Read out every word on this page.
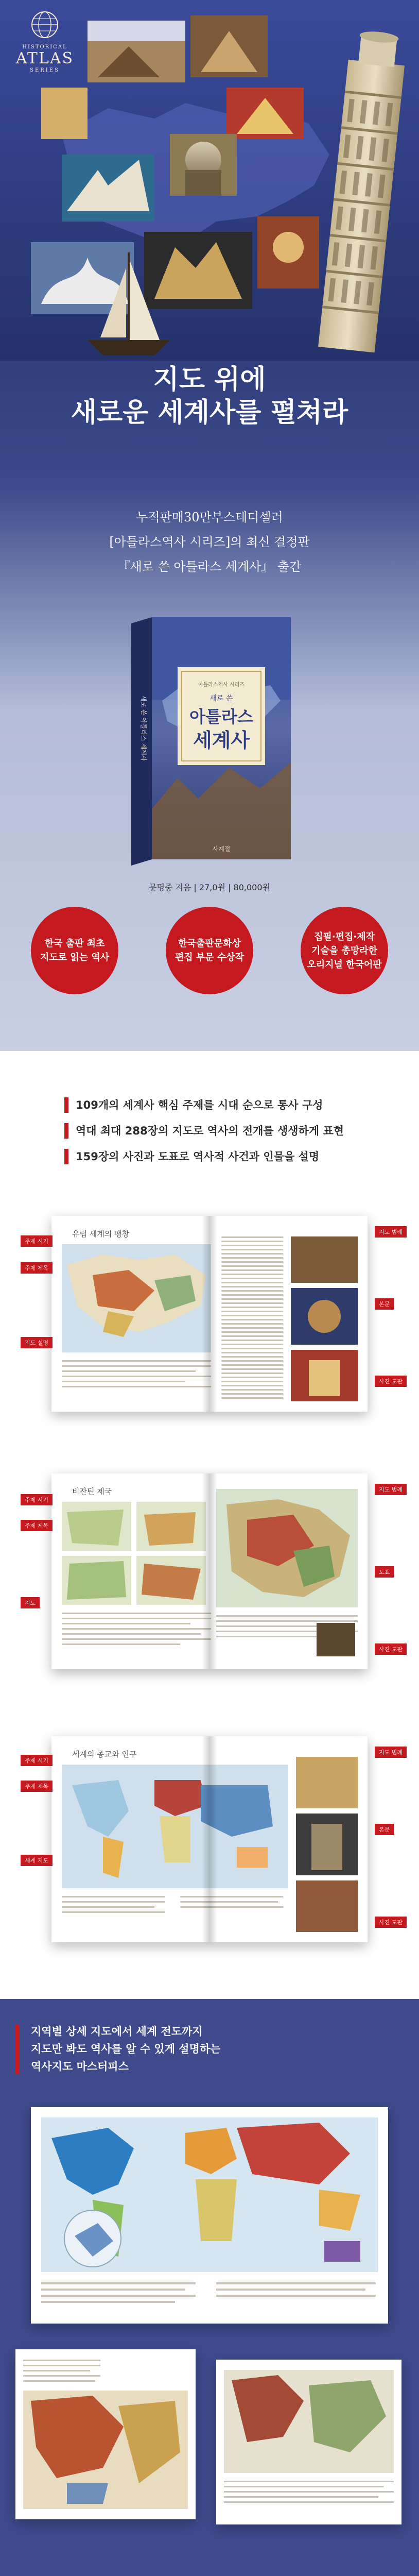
HISTORICAL
ATLAS
SERIES
지도 위에
새로운 세계사를 펼쳐라
누적판매30만부스테디셀러
[아틀라스역사 시리즈]의 최신 결정판
『새로 쓴 아틀라스 세계사』 출간
아틀라스역사 시리즈
새로 쓴
아틀라스
세계사
새로 쓴 아틀라스 세계사
사계절
문명중 지음 | 27,0원 | 80,000원
한국 출판 최초
지도로 읽는 역사
한국출판문화상
편집 부문 수상작
집필·편집·제작
기술을 총망라한
오리지널 한국어판
109개의 세계사 핵심 주제를 시대 순으로 통사 구성
역대 최대 288장의 지도로 역사의 전개를 생생하게 표현
159장의 사진과 도표로 역사적 사건과 인물을 설명
유럽 세계의 팽창
주제 시기
주제 제목
지도 설명
지도 범례
본문
사진 도판
비잔틴 제국
주제 시기
주제 제목
지도
지도 범례
도표
사진 도판
세계의 종교와 인구
주제 시기
주제 제목
세계 지도
지도 범례
본문
사진 도판
지역별 상세 지도에서 세계 전도까지
지도만 봐도 역사를 알 수 있게 설명하는
역사지도 마스터피스
